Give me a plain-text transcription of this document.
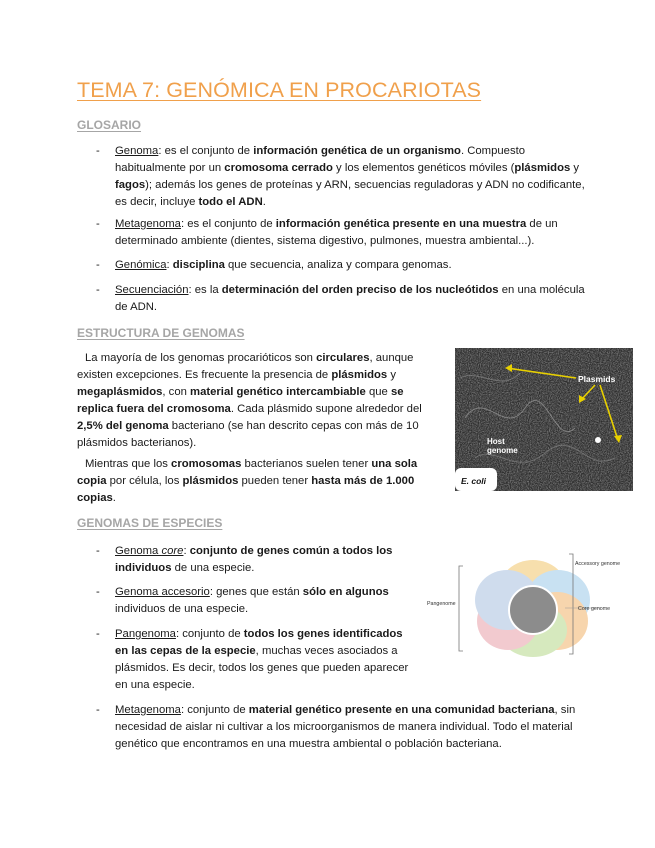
TEMA 7: GENÓMICA EN PROCARIOTAS
GLOSARIO
- Genoma: es el conjunto de información genética de un organismo. Compuesto habitualmente por un cromosoma cerrado y los elementos genéticos móviles (plásmidos y fagos); además los genes de proteínas y ARN, secuencias reguladoras y ADN no codificante, es decir, incluye todo el ADN.
- Metagenoma: es el conjunto de información genética presente en una muestra de un determinado ambiente (dientes, sistema digestivo, pulmones, muestra ambiental...).
- Genómica: disciplina que secuencia, analiza y compara genomas.
- Secuenciación: es la determinación del orden preciso de los nucleótidos en una molécula de ADN.
ESTRUCTURA DE GENOMAS
La mayoría de los genomas procarióticos son circulares, aunque existen excepciones. Es frecuente la presencia de plásmidos y megaplásmidos, con material genético intercambiable que se replica fuera del cromosoma. Cada plásmido supone alrededor del 2,5% del genoma bacteriano (se han descrito cepas con más de 10 plásmidos bacterianos).
Mientras que los cromosomas bacterianos suelen tener una sola copia por célula, los plásmidos pueden tener hasta más de 1.000 copias.
Plasmids
Host genome
E. coli
GENOMAS DE ESPECIES
- Genoma core: conjunto de genes común a todos los individuos de una especie.
- Genoma accesorio: genes que están sólo en algunos individuos de una especie.
- Pangenoma: conjunto de todos los genes identificados en las cepas de la especie, muchas veces asociados a plásmidos. Es decir, todos los genes que pueden aparecer en una especie.
- Metagenoma: conjunto de material genético presente en una comunidad bacteriana, sin necesidad de aislar ni cultivar a los microorganismos de manera individual. Todo el material genético que encontramos en una muestra ambiental o población bacteriana.
Accessory genome
Core genome
Pangenome
